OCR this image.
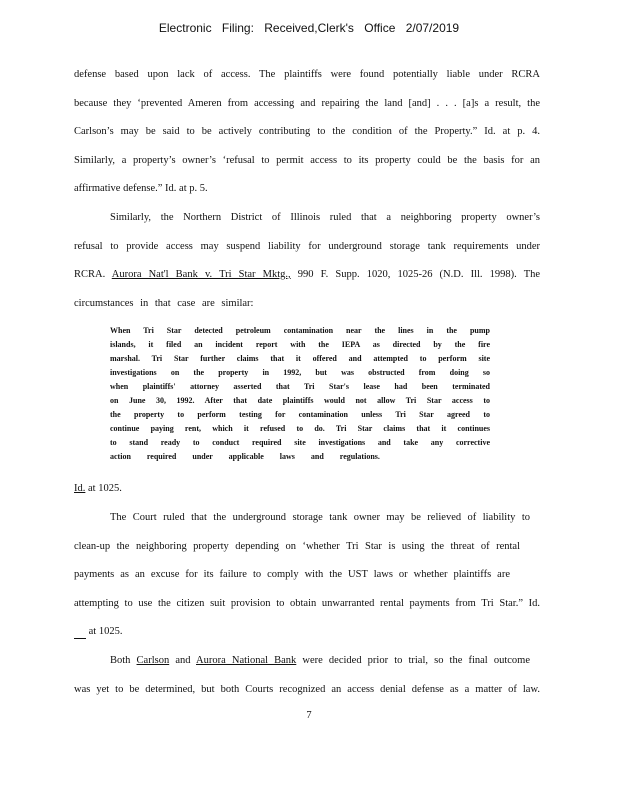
Electronic Filing: Received,Clerk's Office 2/07/2019
defense based upon lack of access. The plaintiffs were found potentially liable under RCRA
because they ‘prevented Ameren from accessing and repairing the land [and] . . . [a]s a result, the
Carlson’s may be said to be actively contributing to the condition of the Property.” Id. at p. 4.
Similarly, a property’s owner’s ‘refusal to permit access to its property could be the basis for an
affirmative defense.” Id. at p. 5.
Similarly, the Northern District of Illinois ruled that a neighboring property owner’s
refusal to provide access may suspend liability for underground storage tank requirements under
RCRA. Aurora Nat'l Bank v. Tri Star Mktg., 990 F. Supp. 1020, 1025-26 (N.D. Ill. 1998). The
circumstances in that case are similar:
When Tri Star detected petroleum contamination near the lines in the pump
islands, it filed an incident report with the IEPA as directed by the fire
marshal. Tri Star further claims that it offered and attempted to perform site
investigations on the property in 1992, but was obstructed from doing so
when plaintiffs' attorney asserted that Tri Star's lease had been terminated
on June 30, 1992. After that date plaintiffs would not allow Tri Star access to
the property to perform testing for contamination unless Tri Star agreed to
continue paying rent, which it refused to do. Tri Star claims that it continues
to stand ready to conduct required site investigations and take any corrective
action required under applicable laws and regulations.
Id. at 1025.
The Court ruled that the underground storage tank owner may be relieved of liability to
clean-up the neighboring property depending on ‘whether Tri Star is using the threat of rental
payments as an excuse for its failure to comply with the UST laws or whether plaintiffs are
attempting to use the citizen suit provision to obtain unwarranted rental payments from Tri Star.” Id.
at 1025.
Both Carlson and Aurora National Bank were decided prior to trial, so the final outcome
was yet to be determined, but both Courts recognized an access denial defense as a matter of law.
7
